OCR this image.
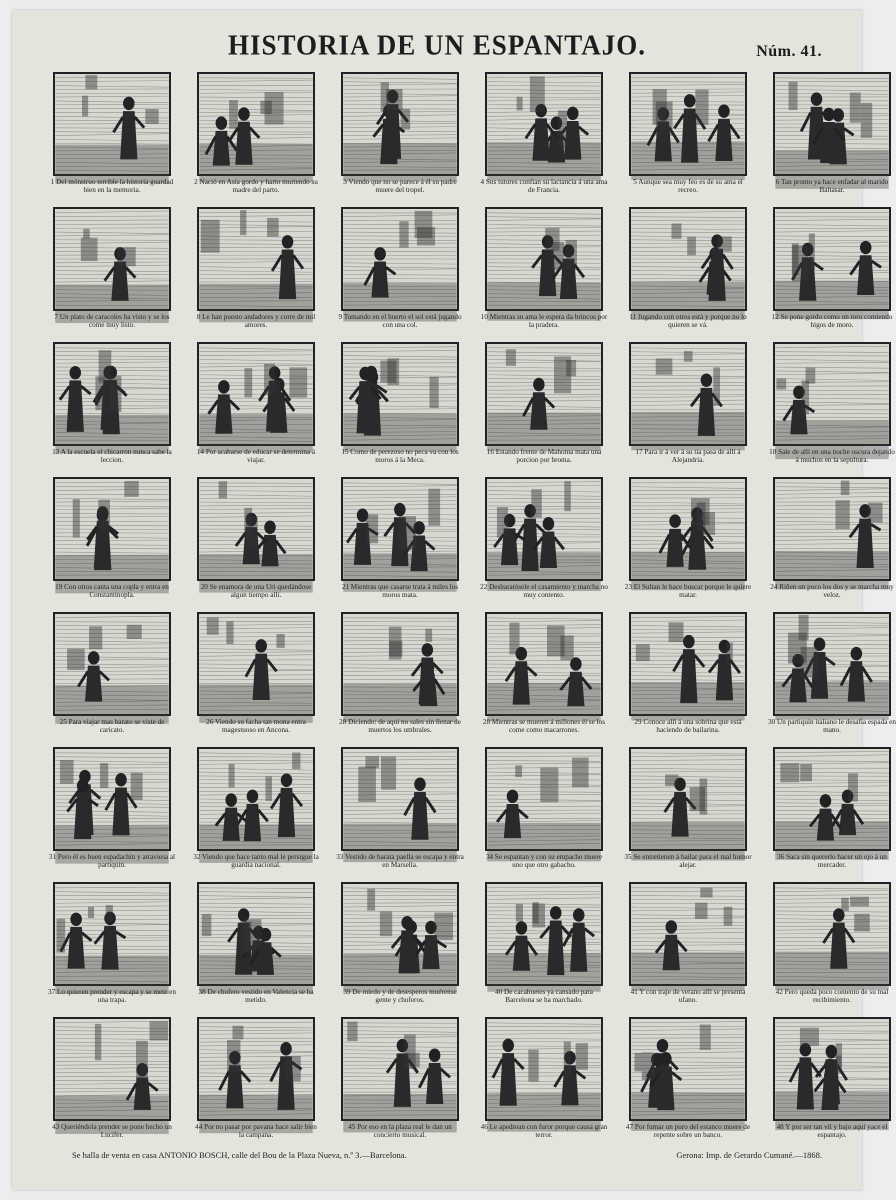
HISTORIA DE UN ESPANTAJO.	Núm. 41.
1 Del mónstruo terrible la historia guardad bien en la memoria.
2 Nació en Asia gordo y harto muriendo su madre del parto.
3 Viendo que no se parece á él su padre muere del tropel.
4 Sus tutores confian su lactancia á una ama de Francia.
5 Aunque sea muy feo es de su ama el recreo.
6 Tan pronto ya hace enfadar al marido Baltasar.
7 Un plato de caracoles ha visto y se los come muy listo.
8 Le han puesto andadores y corre de mil amores.
9 Tomando en el huerto el sol está jugando con una col.
10 Mientras su ama le espera da brincos por la pradera.
11 Jugando con otros está y porque no lo quieren se vá.
12 Se pone gordo como un toro comiendo higos de moro.
13 A la escuela el chicarron nunca sabe la leccion.
14 Por acabarse de educar se determina á viajar.
15 Como de perezoso no peca va con los moros á la Meca.
16 Estando frente de Mahoma mata una porcion por broma.
17 Para ir á ver á su tia pasa de allí á Alejandría.
18 Sale de allí en una noche oscura dejando á muchos en la sepultura.
19 Con otros canta una copla y entra en Constantinopla.
20 Se enamora de una Uri quedándose algun tiempo allí.
21 Mientras que casarse trata á miles los moros mata.
22 Desbaratósele el casamiento y marcha no muy contento.
23 El Sultan le hace buscar porque le quiere matar.
24 Riñen un poco los dos y se marcha muy veloz.
25 Para viajar mas barato se viste de caricato.
26 Viendo su facha tan mona entra magestuoso en Ancona.
28 Diciendo: de aqui no sales sin llenar de muertos los umbrales.
28 Mientras se mueren á millones él se los come como macarrones.
29 Conoce allí á una sobrina que está haciendo de bailarina.
30 Un partiquin italiano le desafia espada en mano.
31 Pero él es buen espadachin y atraviesa al partiquin.
32 Viendo que hace tanto mal le persigue la guardia nacional.
33 Vestido de barata paella se escapa y entra en Marsella.
34 Se espantan y con su empacho muere uno que otro gabacho.
35 Se entretienen á bailar para el mal humor alejar.
36 Saca sin quererlo hacer un ojo á un mercader.
37 Lo quieren prender y escapa y se mete en una trapa.
38 De chufero vestido en Valencia se ha metido.
39 De miedo y de desesperos muérense gente y chuferos.
40 De cacahuetes ya cansado para Barcelona se ha marchado.
41 Y con traje de verano allí se presenta ufano.
42 Pero queda poco contento de su mal recibimiento.
43 Queriéndola prender se pone hecho un Lucifer.
44 Por no pasar por pavana hace salir bien la campana.
45 Por eso en la plaza real le dan un concierto musical.
46 Le apedrean con furor porque causa gran terror.
47 Por fumar un puro del estanco muere de repente sobre un banco.
48 Y por ser tan vil y bajo aquí yace el espantajo.
Se halla de venta en casa ANTONIO BOSCH, calle del Bou de la Plaza Nueva, n.º 3.—Barcelona.	Gerona: Imp. de Gerardo Cumané.—1868.
